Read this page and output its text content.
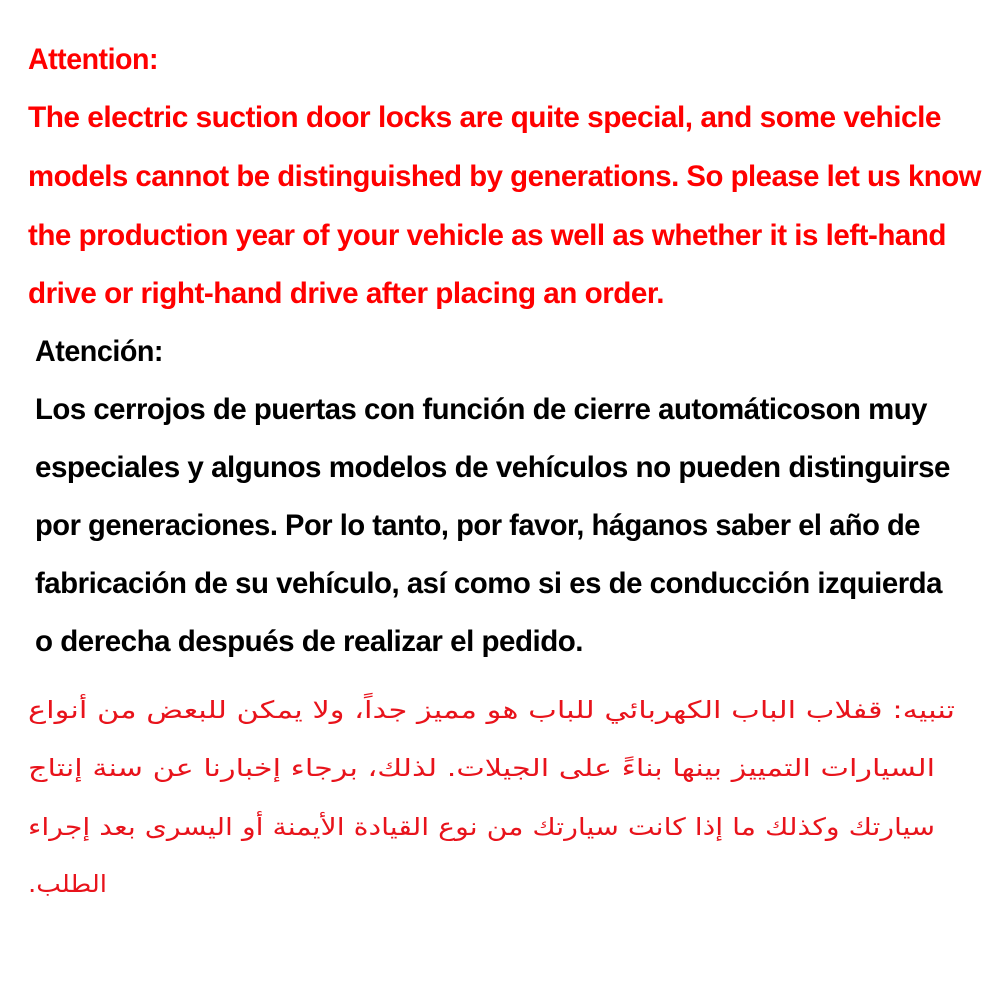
Attention:
The electric suction door locks are quite special, and some vehicle
models cannot be distinguished by generations. So please let us know
the production year of your vehicle as well as whether it is left-hand
drive or right-hand drive after placing an order.
Atención:
Los cerrojos de puertas con función de cierre automáticoson muy
especiales y algunos modelos de vehículos no pueden distinguirse
por generaciones. Por lo tanto, por favor, háganos saber el año de
fabricación de su vehículo, así como si es de conducción izquierda
o derecha después de realizar el pedido.
تنبيه: قفلاب الباب الكهربائي للباب هو مميز جداً، ولا يمكن للبعض من أنواع
السيارات التمييز بينها بناءً على الجيلات. لذلك، برجاء إخبارنا عن سنة إنتاج
سيارتك وكذلك ما إذا كانت سيارتك من نوع القيادة الأيمنة أو اليسرى بعد إجراء
الطلب.
